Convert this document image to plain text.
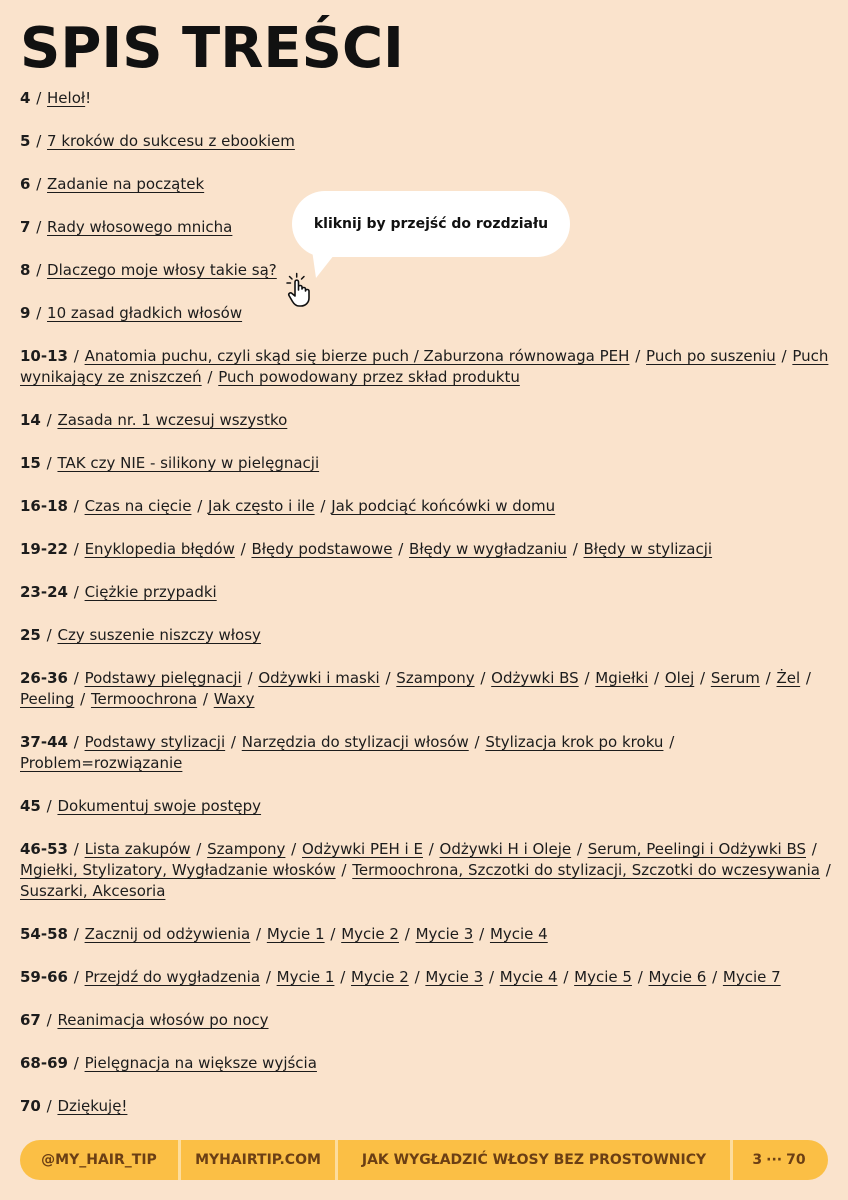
SPIS TREŚCI

4 / Heloł!

5 / 7 kroków do sukcesu z ebookiem

6 / Zadanie na początek

7 / Rady włosowego mnicha

8 / Dlaczego moje włosy takie są?

9 / 10 zasad gładkich włosów

10-13 / Anatomia puchu, czyli skąd się bierze puch / Zaburzona równowaga PEH / Puch po suszeniu / Puch wynikający ze zniszczeń / Puch powodowany przez skład produktu

14 / Zasada nr. 1 wczesuj wszystko

15 / TAK czy NIE - silikony w pielęgnacji

16-18 / Czas na cięcie / Jak często i ile / Jak podciąć końcówki w domu

19-22 / Enyklopedia błędów / Błędy podstawowe / Błędy w wygładzaniu / Błędy w stylizacji

23-24 / Ciężkie przypadki

25 / Czy suszenie niszczy włosy

26-36 / Podstawy pielęgnacji / Odżywki i maski / Szampony / Odżywki BS / Mgiełki / Olej / Serum / Żel / Peeling / Termoochrona / Waxy

37-44 / Podstawy stylizacji / Narzędzia do stylizacji włosów / Stylizacja krok po kroku / Problem=rozwiązanie

45 / Dokumentuj swoje postępy

46-53 / Lista zakupów / Szampony / Odżywki PEH i E / Odżywki H i Oleje / Serum, Peelingi i Odżywki BS / Mgiełki, Stylizatory, Wygładzanie włosków / Termoochrona, Szczotki do stylizacji, Szczotki do wczesywania / Suszarki, Akcesoria

54-58 / Zacznij od odżywienia / Mycie 1 / Mycie 2 / Mycie 3 / Mycie 4

59-66 / Przejdź do wygładzenia / Mycie 1 / Mycie 2 / Mycie 3 / Mycie 4 / Mycie 5 / Mycie 6 / Mycie 7

67 / Reanimacja włosów po nocy

68-69 / Pielęgnacja na większe wyjścia

70 / Dziękuję!

kliknij by przejść do rozdziału
@MY_HAIR_TIP	MYHAIRTIP.COM	JAK WYGŁADZIĆ WŁOSY BEZ PROSTOWNICY	3 ··· 70
